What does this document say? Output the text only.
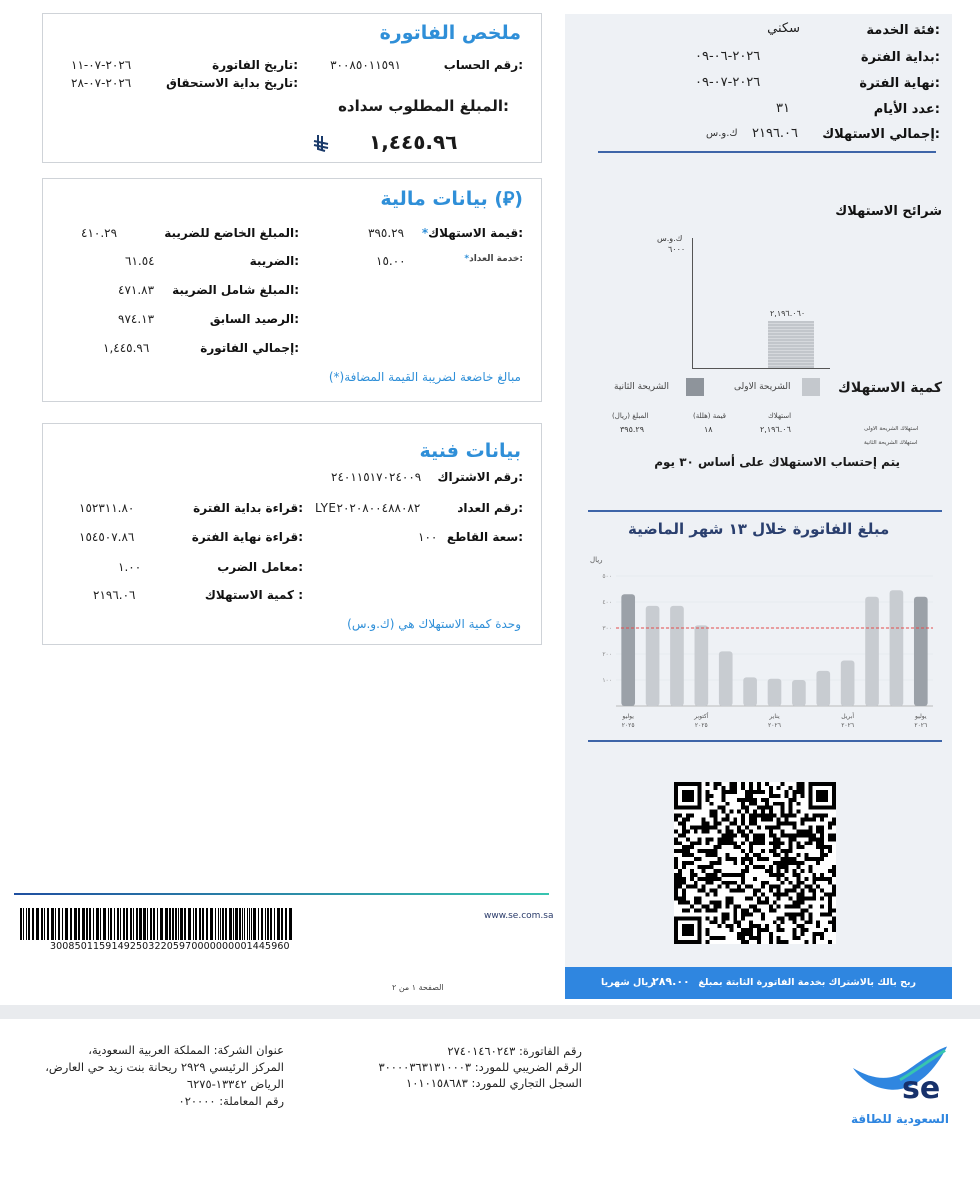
ملخص الفاتورة
رقم الحساب:
٣٠٠٨٥٠١١٥٩١
تاريخ الفاتورة:
٢٠٢٦-٠٧-١١
تاريخ بداية الاستحقاق:
٢٠٢٦-٠٧-٢٨
المبلغ المطلوب سداده:
١,٤٤٥.٩٦
بيانات مالية (⃁)
*قيمة الاستهلاك:
٣٩٥.٢٩
*خدمة العداد:
١٥.٠٠
المبلغ الخاضع للضريبة:
٤١٠.٢٩
الضريبة:
٦١.٥٤
المبلغ شامل الضريبة:
٤٧١.٨٣
الرصيد السابق:
٩٧٤.١٣
إجمالي الفاتورة:
١,٤٤٥.٩٦
(*)مبالغ خاضعة لضريبة القيمة المضافة
بيانات فنية
رقم الاشتراك:
٢٤٠١١٥١٧٠٢٤٠٠٩
رقم العداد:
LYE٢٠٢٠٨٠٠٤٨٨٠٨٢
سعة القاطع:
١٠٠
قراءة بداية الفترة:
١٥٢٣١١.٨٠
قراءة نهاية الفترة:
١٥٤٥٠٧.٨٦
معامل الضرب:
١.٠٠
كمية الاستهلاك :
٢١٩٦.٠٦
وحدة كمية الاستهلاك هي (ك.و.س)
www.se.com.sa
300850115914925032205970000000001445960
الصفحة ١ من ٢
فئة الخدمة:
سكني
بداية الفترة:
٢٠٢٦-٠٦-٠٩
نهاية الفترة:
٢٠٢٦-٠٧-٠٩
عدد الأيام:
٣١
إجمالي الاستهلاك:
٢١٩٦.٠٦
ك.و.س
شرائح الاستهلاك
ك.و.س
٦٠٠٠
٢,١٩٦.٠٦٠
كمية الاستهلاك
الشريحة الاولى
الشريحة الثانية
استهلاك
قيمة (هللة)
المبلغ (ريال)
استهلاك الشريحة الاولى
استهلاك الشريحة الثانية
٢,١٩٦.٠٦
١٨
٣٩٥.٢٩
يتم إحتساب الاستهلاك على أساس ٣٠ يوم
مبلغ الفاتورة خلال ١٣ شهر الماضية
ريال
١٠٠
٢٠٠
٣٠٠
٤٠٠
٥٠٠
يوليو
٢٠٢٥
أكتوبر
٢٠٢٥
يناير
٢٠٢٦
أبريل
٢٠٢٦
يوليو
٢٠٢٦
ربح بالك بالاشتراك بخدمة الفاتورة الثابتة بمبلغ
٢٨٩.٠٠
ريال شهريا
رقم الفاتورة: ٢٧٤٠١٤٦٠٢٤٣
الرقم الضريبي للمورد: ٣٠٠٠٠٣٦٣١٣١٠٠٠٣
السجل التجاري للمورد: ١٠١٠١٥٨٦٨٣
عنوان الشركة: المملكة العربية السعودية،
المركز الرئيسي ٢٩٢٩ ريحانة بنت زيد حي العارض،
الرياض ١٣٣٤٢-٦٢٧٥
رقم المعاملة: ٠٢٠٠٠٠	se
السعودية للطاقة
